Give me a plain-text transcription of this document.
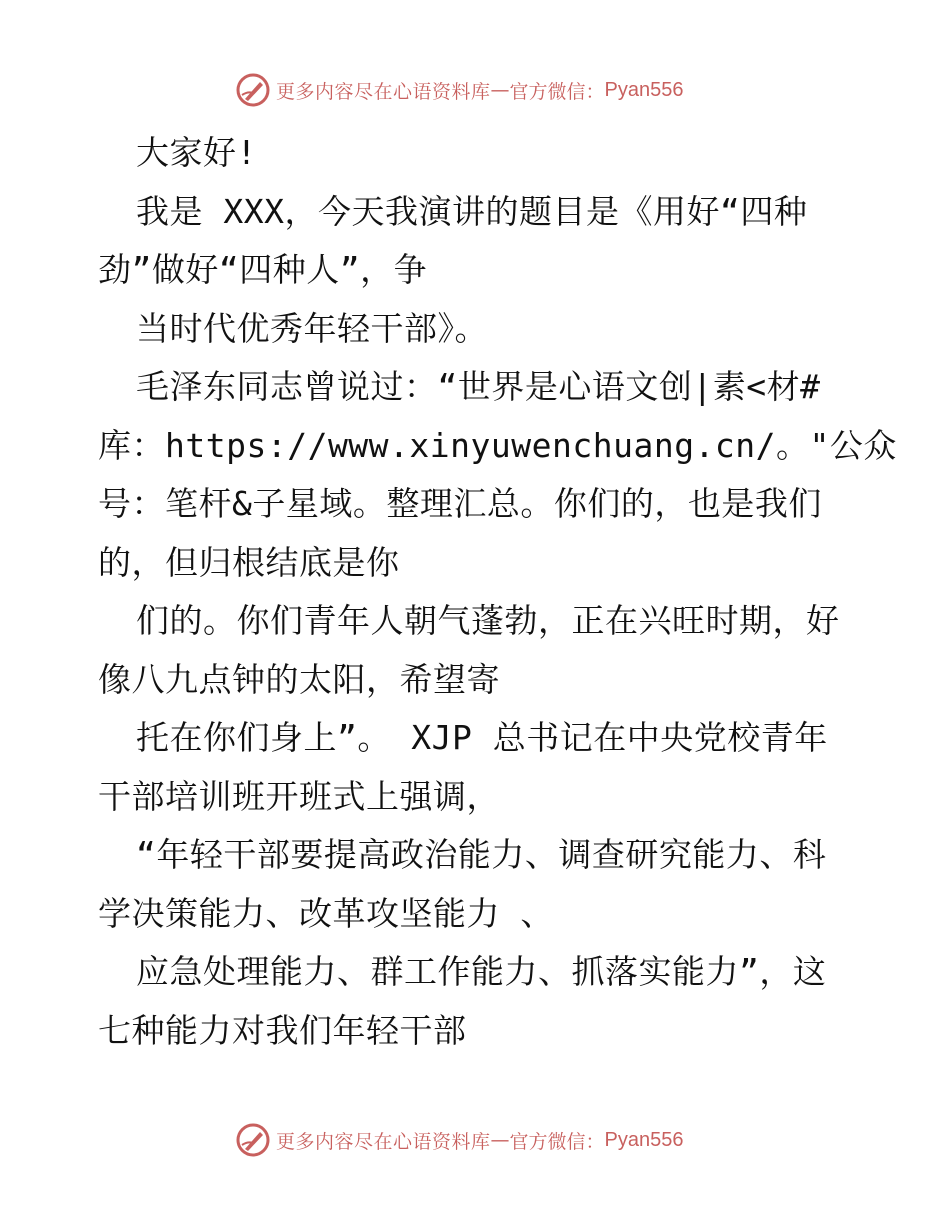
更多内容尽在心语资料库 — 官方微信： Pyan556
大家好!
我是 XXX，今天我演讲的题目是《用好“四种
劲”做好“四种人”，争
当时代优秀年轻干部》。
毛泽东同志曾说过：“世界是心语文创|素<材#
库：https://www.xinyuwenchuang.cn/。"公众
号：笔杆&子星域。整理汇总。你们的，也是我们
的，但归根结底是你
们的。你们青年人朝气蓬勃，正在兴旺时期，好
像八九点钟的太阳，希望寄
托在你们身上”。 XJP 总书记在中央党校青年
干部培训班开班式上强调，
“年轻干部要提高政治能力、调查研究能力、科
学决策能力、改革攻坚能力 、
应急处理能力、群工作能力、抓落实能力”，这
七种能力对我们年轻干部
更多内容尽在心语资料库 — 官方微信： Pyan556
